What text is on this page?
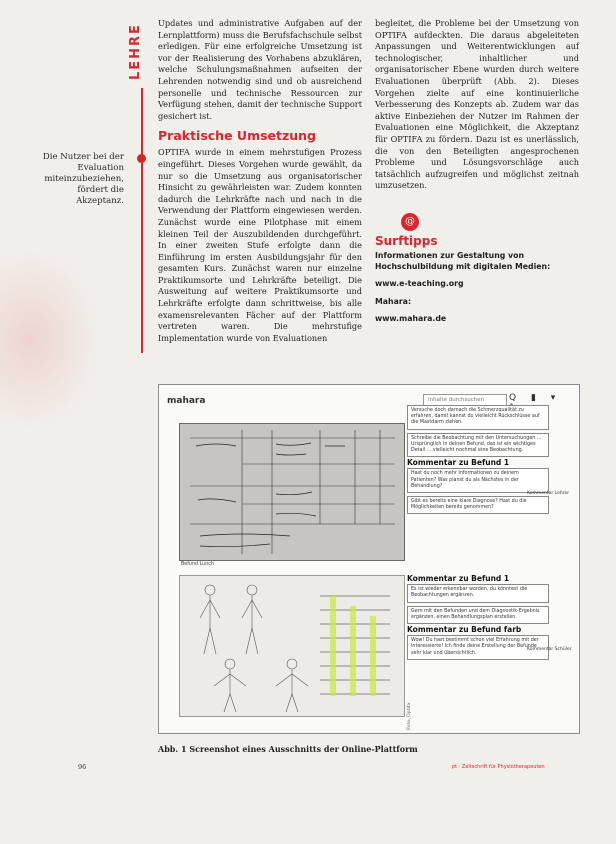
LEHRE
Die Nutzer bei der Evaluation miteinzubeziehen, fördert die Akzeptanz.

Updates und administrative Aufgaben auf der Lernplattform) muss die Berufsfachschule selbst erledigen. Für eine erfolgreiche Umsetzung ist vor der Realisierung des Vorhabens abzuklären, welche Schulungsmaßnahmen aufseiten der Lehrenden notwendig sind und ob ausreichend personelle und technische Ressourcen zur Verfügung stehen, damit der technische Support gesichert ist.

Praktische Umsetzung

OPTIFA wurde in einem mehrstufigen Prozess eingeführt. Dieses Vorgehen wurde gewählt, da nur so die Umsetzung aus organisatorischer Hinsicht zu gewährleisten war. Zudem konnten dadurch die Lehrkräfte nach und nach in die Verwendung der Plattform eingewiesen werden. Zunächst wurde eine Pilotphase mit einem kleinen Teil der Auszubildenden durchgeführt. In einer zweiten Stufe erfolgte dann die Einführung im ersten Ausbildungsjahr für den gesamten Kurs. Zunächst waren nur einzelne Praktikumsorte und Lehrkräfte beteiligt. Die Ausweitung auf weitere Praktikumsorte und Lehrkräfte erfolgte dann schrittweise, bis alle examensrelevanten Fächer auf der Plattform vertreten waren. Die mehrstufige Implementation wurde von Evaluationen

begleitet, die Probleme bei der Umsetzung von OPTIFA aufdeckten. Die daraus abgeleiteten Anpassungen und Weiterentwicklungen auf technologischer, inhaltlicher und organisatorischer Ebene wurden durch weitere Evaluationen überprüft (Abb. 2). Dieses Vorgehen zielte auf eine kontinuierliche Verbesserung des Konzepts ab. Zudem war das aktive Einbeziehen der Nutzer im Rahmen der Evaluationen eine Möglichkeit, die Akzeptanz für OPTIFA zu fördern. Dazu ist es unerlässlich, die von den Beteiligten angesprochenen Probleme und Lösungsvorschläge auch tatsächlich aufzugreifen und möglichst zeitnah umzusetzen.

@
Surftipps

Informationen zur Gestaltung von Hochschulbildung mit digitalen Medien:

www.e-teaching.org

Mahara:

www.mahara.de

mahara	Inhalte durchsuchen	Q ▮ ▾
Befund Lunch
Versuche doch darnach die Schmerzqualität zu erfahren, damit kannst du vielleicht Rückschlüsse auf die Mastdarm ziehen.
Schreibe die Beobachtung mit den Untersuchungen ... Ursprünglich in deinen Befund, das ist ein wichtiges Detail ... vielleicht nochmal eine Beobachtung.
Kommentar zu Befund 1
Hast du noch mehr Informationen zu deinem Patienten? Was planst du als Nächstes in der Behandlung?
Gibt es bereits eine klare Diagnose? Hast du die Möglichkeiten bereits genommen?
Kommentar zu Befund 1
Es ist wieder erkennbar worden, du könntest die Beobachtungen ergänzen.
Gern mit den Befunden und dem Diagnostik-Ergebnis ergänzen, einen Behandlungsplan erstellen.
Kommentar zu Befund farb
Wow! Du hast bestimmt schon viel Erfahrung mit der Interessierte! Ich finde deine Erstellung der Befunde sehr klar und übersichtlich.
Kommentar Lehrer
Kommentar Schüler
Foto: Optifa
Abb. 1 Screenshot eines Ausschnitts der Online-Plattform
96	pt · Zeitschrift für Physiotherapeuten
